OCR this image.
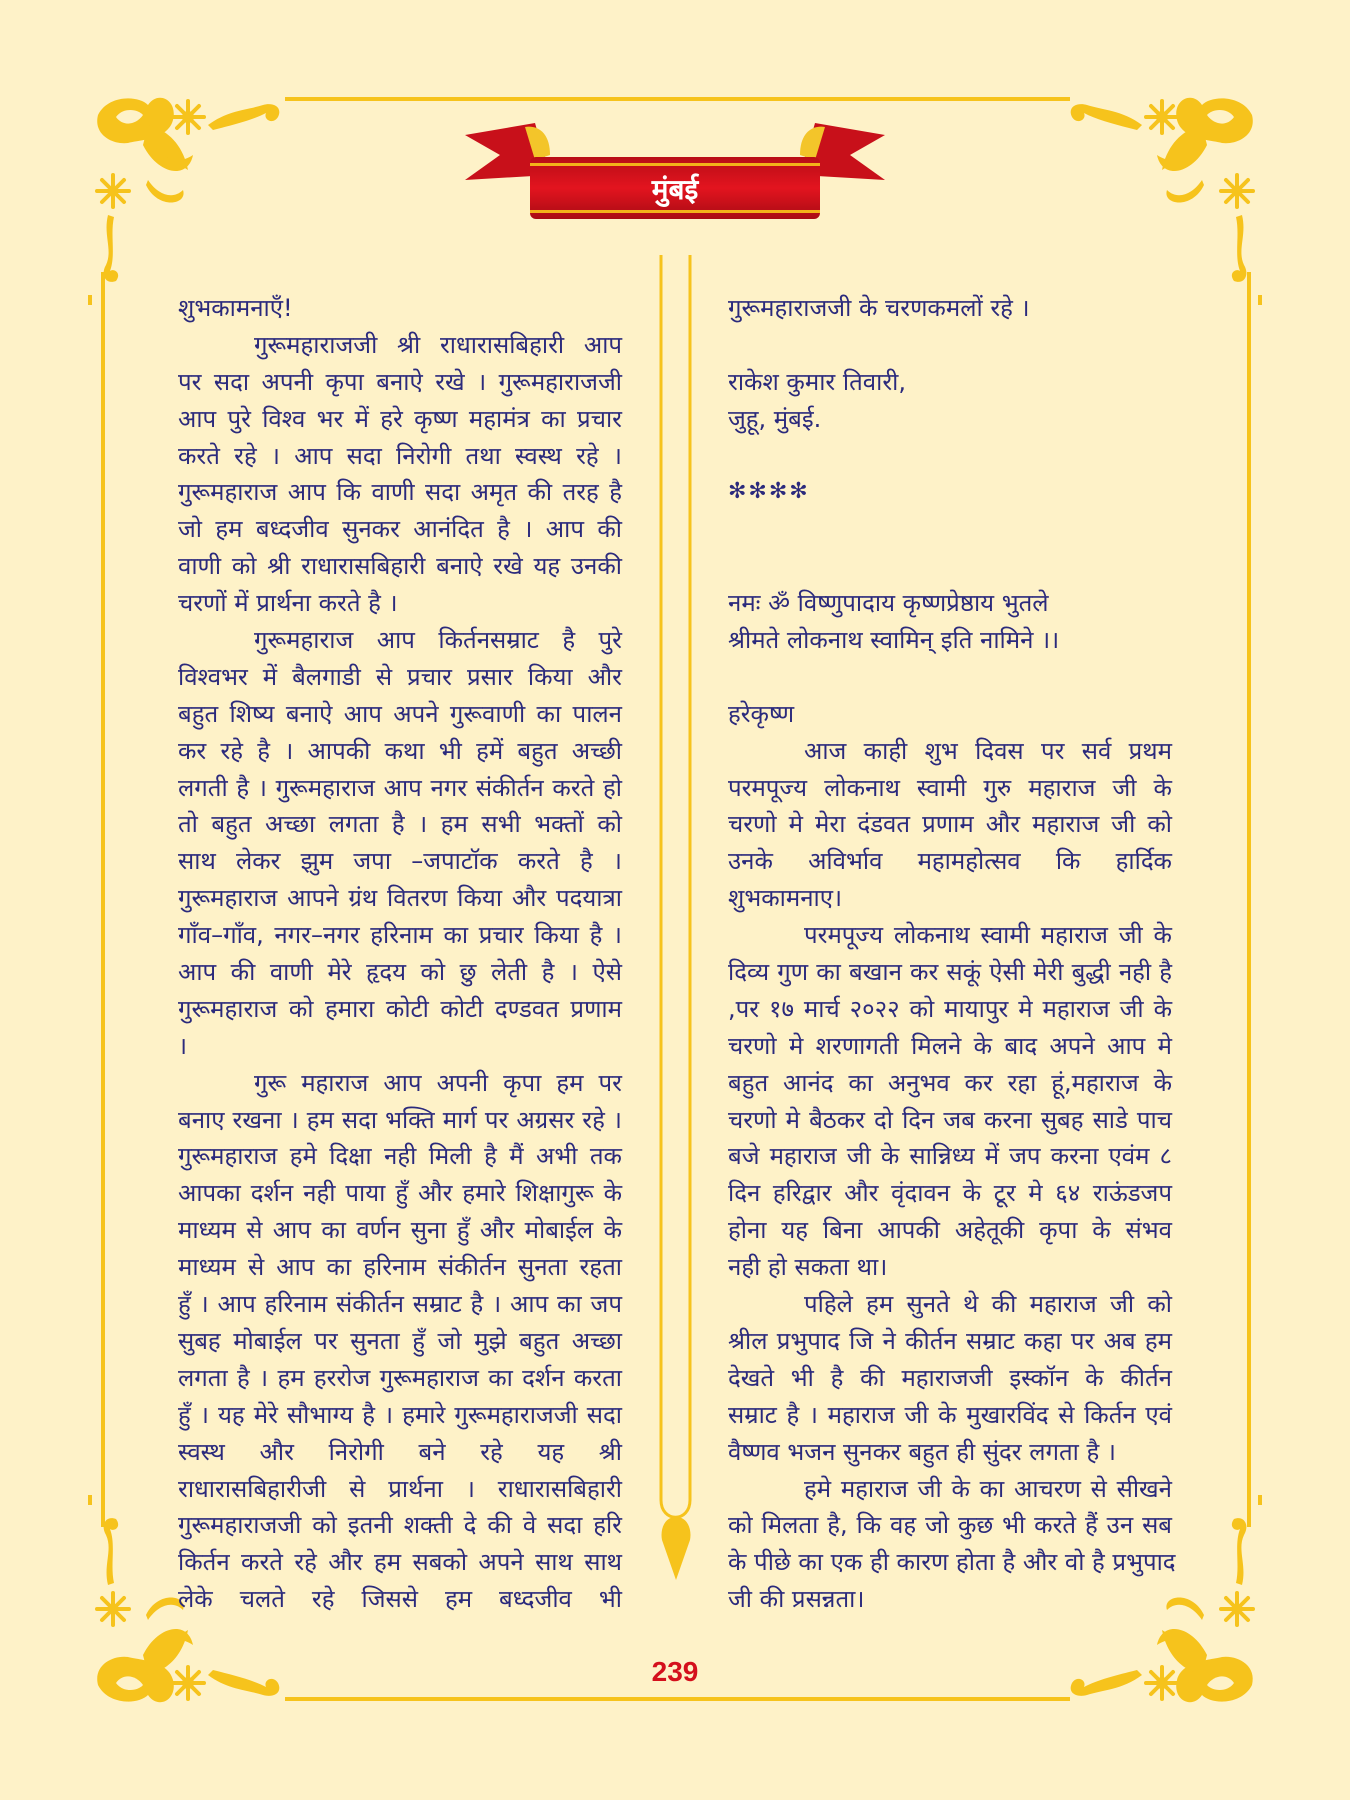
मुंबई
शुभकामनाएँ!
गुरूमहाराजजी श्री राधारासबिहारी आप
पर सदा अपनी कृपा बनाऐ रखे । गुरूमहाराजजी
आप पुरे विश्व भर में हरे कृष्ण महामंत्र का प्रचार
करते रहे । आप सदा निरोगी तथा स्वस्थ रहे ।
गुरूमहाराज आप कि वाणी सदा अमृत की तरह है
जो हम बध्दजीव सुनकर आनंदित है । आप की
वाणी को श्री राधारासबिहारी बनाऐ रखे यह उनकी
चरणों में प्रार्थना करते है ।
गुरूमहाराज आप किर्तनसम्राट है पुरे
विश्वभर में बैलगाडी से प्रचार प्रसार किया और
बहुत शिष्य बनाऐ आप अपने गुरूवाणी का पालन
कर रहे है । आपकी कथा भी हमें बहुत अच्छी
लगती है । गुरूमहाराज आप नगर संकीर्तन करते हो
तो बहुत अच्छा लगता है । हम सभी भक्तों को
साथ लेकर झुम जपा –जपाटॉक करते है ।
गुरूमहाराज आपने ग्रंथ वितरण किया और पदयात्रा
गाँव–गाँव, नगर–नगर हरिनाम का प्रचार किया है ।
आप की वाणी मेरे हृदय को छु लेती है । ऐसे
गुरूमहाराज को हमारा कोटी कोटी दण्डवत प्रणाम
।
गुरू महाराज आप अपनी कृपा हम पर
बनाए रखना । हम सदा भक्ति मार्ग पर अग्रसर रहे ।
गुरूमहाराज हमे दिक्षा नही मिली है मैं अभी तक
आपका दर्शन नही पाया हुँ और हमारे शिक्षागुरू के
माध्यम से आप का वर्णन सुना हुँ और मोबाईल के
माध्यम से आप का हरिनाम संकीर्तन सुनता रहता
हुँ । आप हरिनाम संकीर्तन सम्राट है । आप का जप
सुबह मोबाईल पर सुनता हुँ जो मुझे बहुत अच्छा
लगता है । हम हररोज गुरूमहाराज का दर्शन करता
हुँ । यह मेरे सौभाग्य है । हमारे गुरूमहाराजजी सदा
स्वस्थ और निरोगी बने रहे यह श्री
राधारासबिहारीजी से प्रार्थना । राधारासबिहारी
गुरूमहाराजजी को इतनी शक्ती दे की वे सदा हरि
किर्तन करते रहे और हम सबको अपने साथ साथ
लेके चलते रहे जिससे हम बध्दजीव भी
गुरूमहाराजजी के चरणकमलों रहे ।
राकेश कुमार तिवारी,
जुहू, मुंबई.
✻✻✻✻
नमः ॐ विष्णुपादाय कृष्णप्रेष्ठाय भुतले
श्रीमते लोकनाथ स्वामिन् इति नामिने ।।
हरेकृष्ण
आज काही शुभ दिवस पर सर्व प्रथम
परमपूज्य लोकनाथ स्वामी गुरु महाराज जी के
चरणो मे मेरा दंडवत प्रणाम और महाराज जी को
उनके अविर्भाव महामहोत्सव कि हार्दिक
शुभकामनाए।
परमपूज्य लोकनाथ स्वामी महाराज जी के
दिव्य गुण का बखान कर सकूं ऐसी मेरी बुद्धी नही है
,पर १७ मार्च २०२२ को मायापुर मे महाराज जी के
चरणो मे शरणागती मिलने के बाद अपने आप मे
बहुत आनंद का अनुभव कर रहा हूं,महाराज के
चरणो मे बैठकर दो दिन जब करना सुबह साडे पाच
बजे महाराज जी के सान्निध्य में जप करना एवंम ८
दिन हरिद्वार और वृंदावन के टूर मे ६४ राऊंडजप
होना यह बिना आपकी अहेतूकी कृपा के संभव
नही हो सकता था।
पहिले हम सुनते थे की महाराज जी को
श्रील प्रभुपाद जि ने कीर्तन सम्राट कहा पर अब हम
देखते भी है की महाराजजी इस्कॉन के कीर्तन
सम्राट है । महाराज जी के मुखारविंद से किर्तन एवं
वैष्णव भजन सुनकर बहुत ही सुंदर लगता है ।
हमे महाराज जी के का आचरण से सीखने
को मिलता है, कि वह जो कुछ भी करते हैं उन सब
के पीछे का एक ही कारण होता है और वो है प्रभुपाद
जी की प्रसन्नता।
239
